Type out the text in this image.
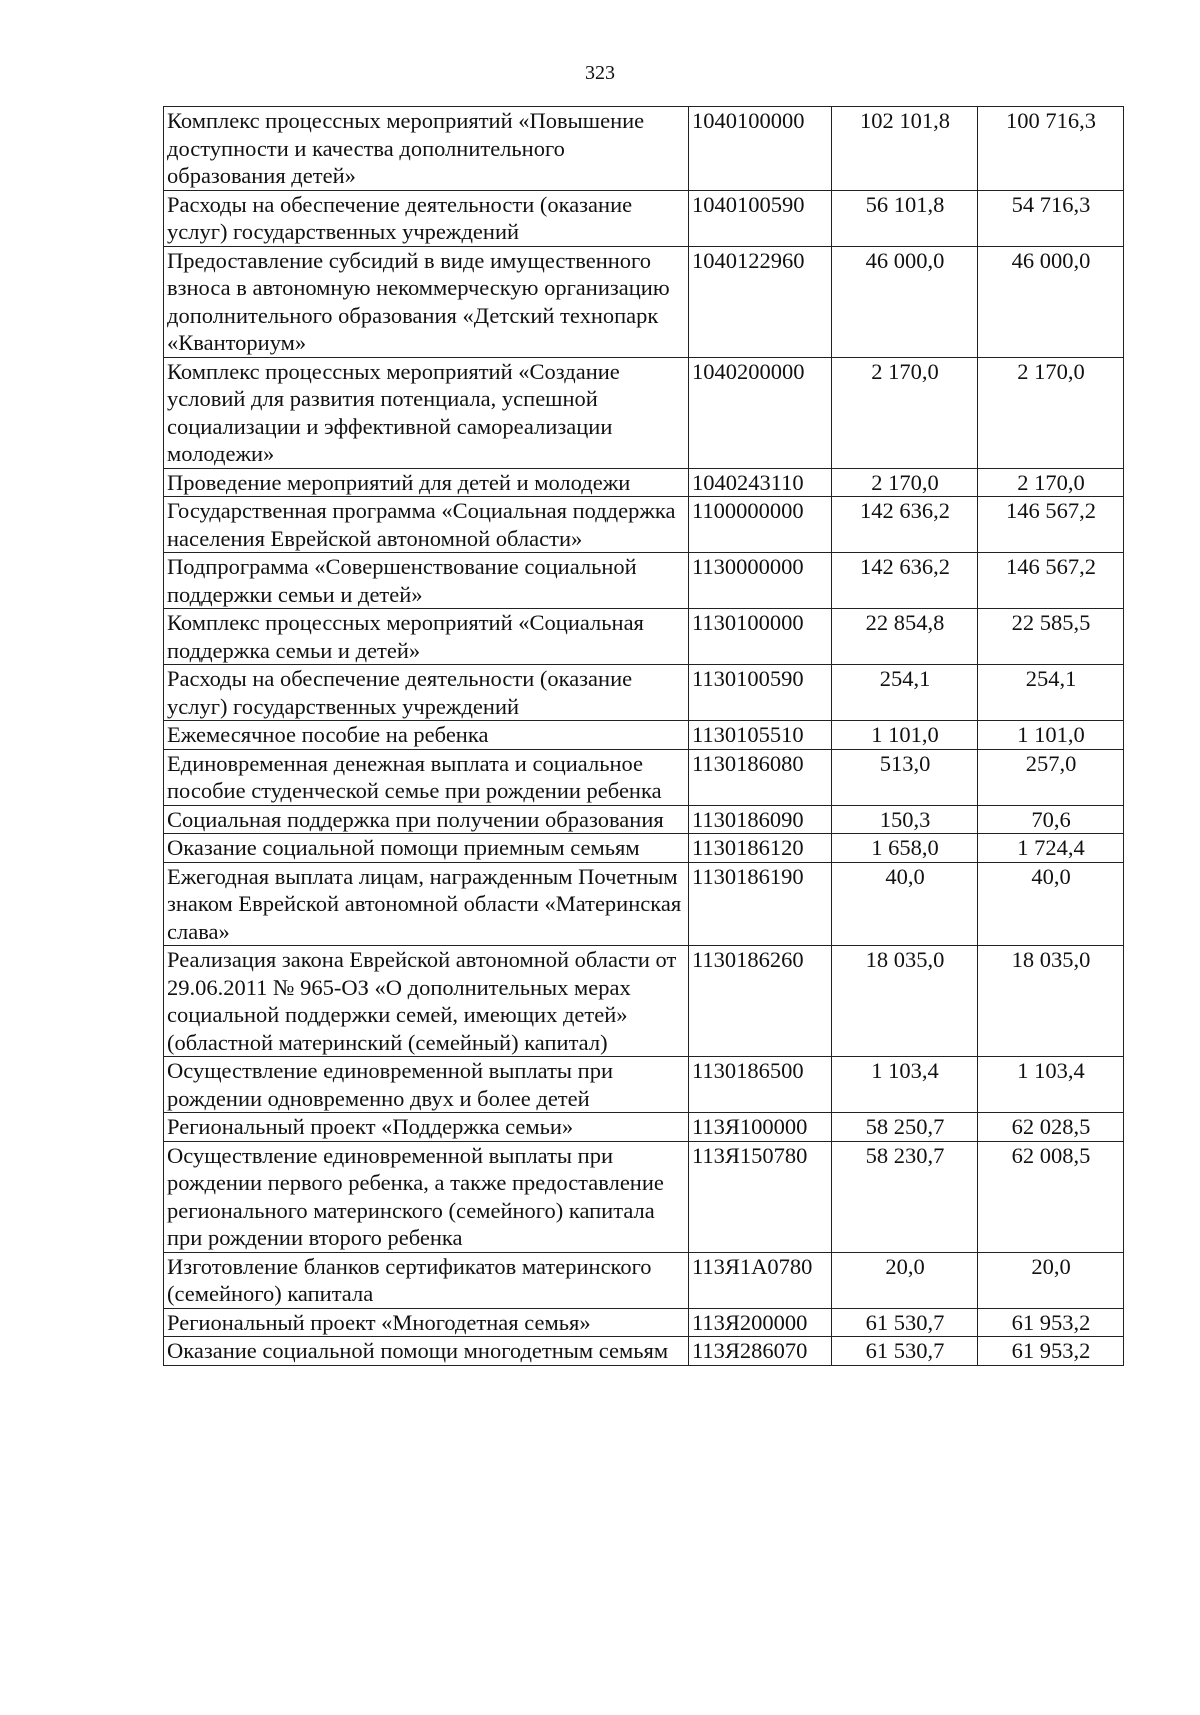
323
Комплекс процессных мероприятий «Повышение доступности и качества дополнительного образования детей»	1040100000	102 101,8	100 716,3
Расходы на обеспечение деятельности (оказание услуг) государственных учреждений	1040100590	56 101,8	54 716,3
Предоставление субсидий в виде имущественного взноса в автономную некоммерческую организацию дополнительного образования «Детский технопарк «Кванториум»	1040122960	46 000,0	46 000,0
Комплекс процессных мероприятий «Создание условий для развития потенциала, успешной социализации и эффективной самореализации молодежи»	1040200000	2 170,0	2 170,0
Проведение мероприятий для детей и молодежи	1040243110	2 170,0	2 170,0
Государственная программа «Социальная поддержка населения Еврейской автономной области»	1100000000	142 636,2	146 567,2
Подпрограмма «Совершенствование социальной поддержки семьи и детей»	1130000000	142 636,2	146 567,2
Комплекс процессных мероприятий «Социальная поддержка семьи и детей»	1130100000	22 854,8	22 585,5
Расходы на обеспечение деятельности (оказание услуг) государственных учреждений	1130100590	254,1	254,1
Ежемесячное пособие на ребенка	1130105510	1 101,0	1 101,0
Единовременная денежная выплата и социальное пособие студенческой семье при рождении ребенка	1130186080	513,0	257,0
Социальная поддержка при получении образования	1130186090	150,3	70,6
Оказание социальной помощи приемным семьям	1130186120	1 658,0	1 724,4
Ежегодная выплата лицам, награжденным Почетным знаком Еврейской автономной области «Материнская слава»	1130186190	40,0	40,0
Реализация закона Еврейской автономной области от 29.06.2011 № 965-ОЗ «О дополнительных мерах социальной поддержки семей, имеющих детей» (областной материнский (семейный) капитал)	1130186260	18 035,0	18 035,0
Осуществление единовременной выплаты при рождении одновременно двух и более детей	1130186500	1 103,4	1 103,4
Региональный проект «Поддержка семьи»	113Я100000	58 250,7	62 028,5
Осуществление единовременной выплаты при рождении первого ребенка, а также предоставление регионального материнского (семейного) капитала при рождении второго ребенка	113Я150780	58 230,7	62 008,5
Изготовление бланков сертификатов материнского (семейного) капитала	113Я1А0780	20,0	20,0
Региональный проект «Многодетная семья»	113Я200000	61 530,7	61 953,2
Оказание социальной помощи многодетным семьям	113Я286070	61 530,7	61 953,2
